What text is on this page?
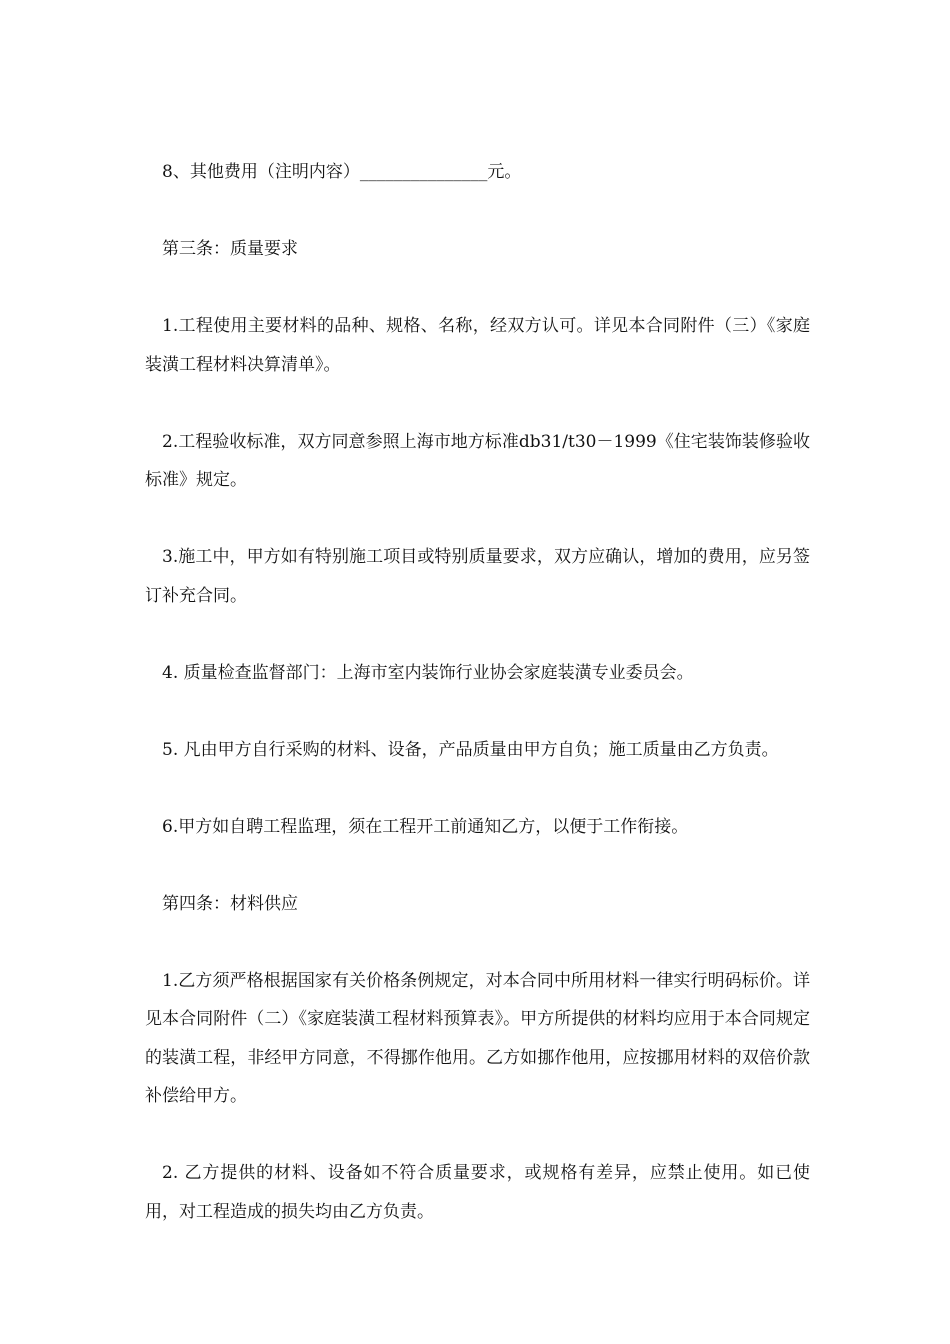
8、其他费用（注明内容）_______________元。

第三条：质量要求

1.工程使用主要材料的品种、规格、名称，经双方认可。详见本合同附件（三）《家庭装潢工程材料决算清单》。

2.工程验收标准，双方同意参照上海市地方标准db31/t30－1999《住宅装饰装修验收标准》规定。

3.施工中，甲方如有特别施工项目或特别质量要求，双方应确认，增加的费用，应另签订补充合同。

4. 质量检查监督部门：上海市室内装饰行业协会家庭装潢专业委员会。

5. 凡由甲方自行采购的材料、设备，产品质量由甲方自负；施工质量由乙方负责。

6.甲方如自聘工程监理，须在工程开工前通知乙方，以便于工作衔接。

第四条：材料供应

1.乙方须严格根据国家有关价格条例规定，对本合同中所用材料一律实行明码标价。详见本合同附件（二）《家庭装潢工程材料预算表》。甲方所提供的材料均应用于本合同规定的装潢工程，非经甲方同意，不得挪作他用。乙方如挪作他用，应按挪用材料的双倍价款补偿给甲方。

2. 乙方提供的材料、设备如不符合质量要求，或规格有差异，应禁止使用。如已使用，对工程造成的损失均由乙方负责。
